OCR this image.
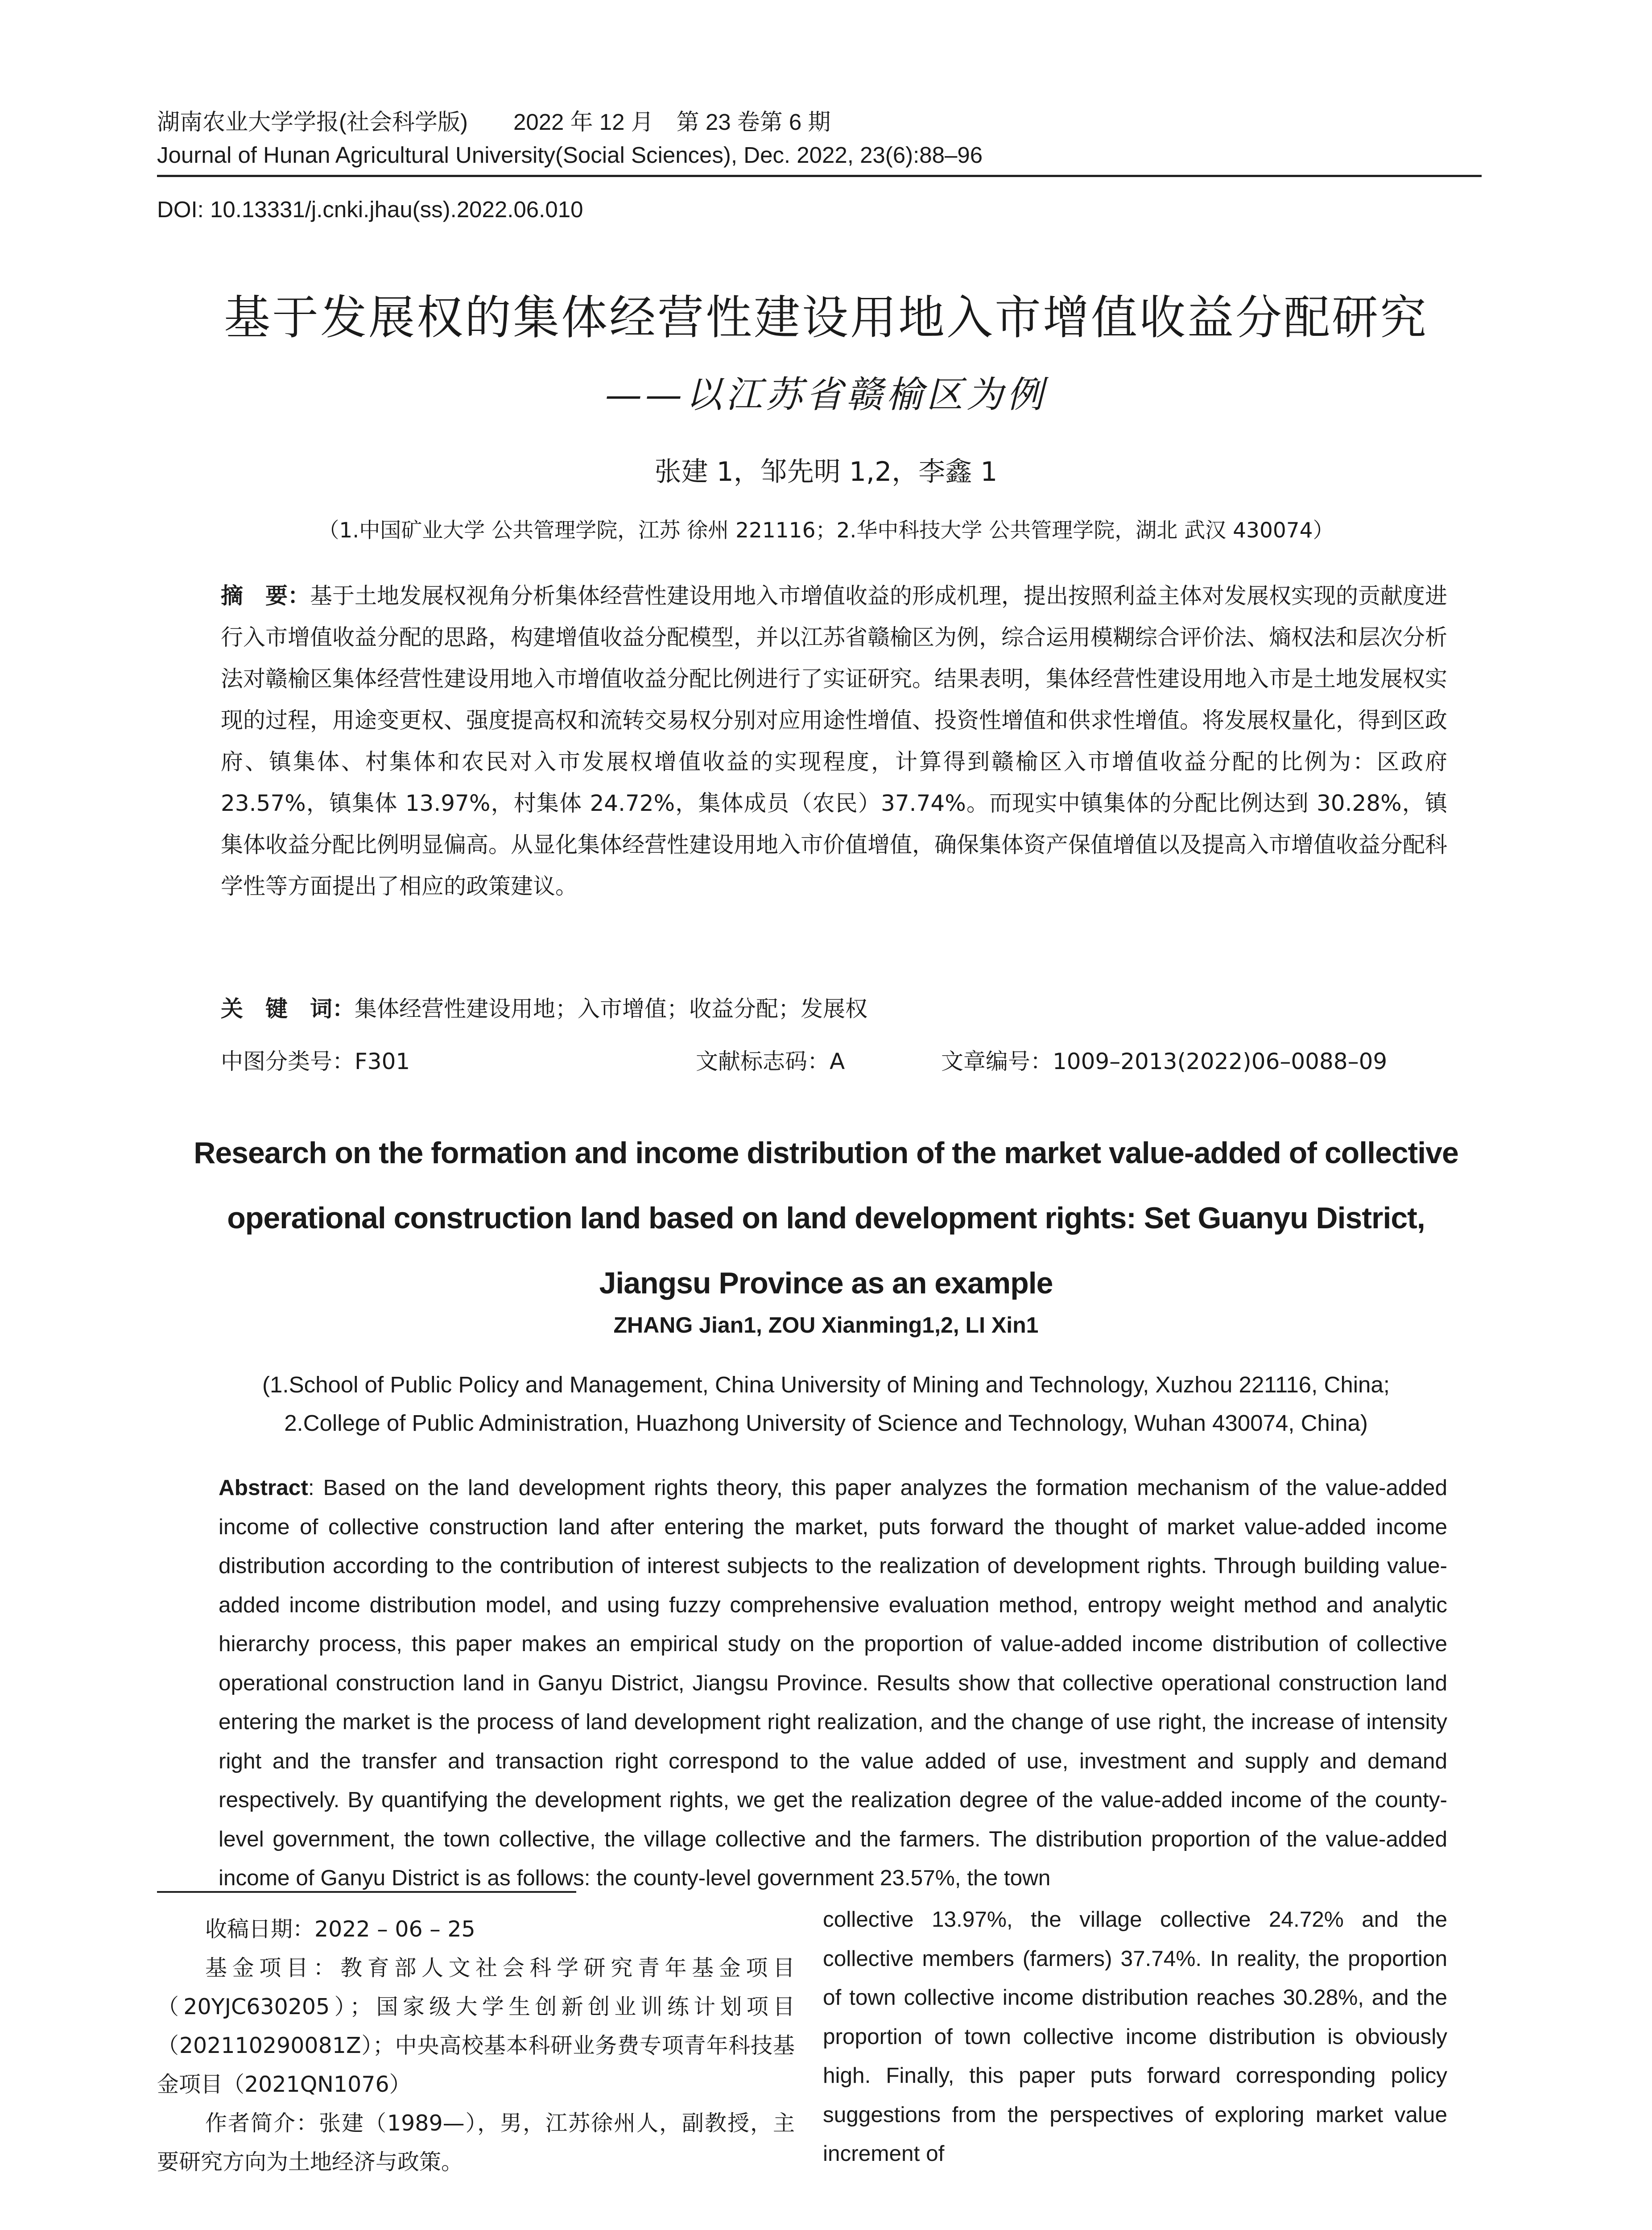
湖南农业大学学报(社会科学版)　　2022 年 12 月　第 23 卷第 6 期
Journal of Hunan Agricultural University(Social Sciences), Dec. 2022, 23(6):88–96
DOI: 10.13331/j.cnki.jhau(ss).2022.06.010
基于发展权的集体经营性建设用地入市增值收益分配研究
——以江苏省赣榆区为例
张建 1，邹先明 1,2，李鑫 1
（1.中国矿业大学 公共管理学院，江苏 徐州 221116；2.华中科技大学 公共管理学院，湖北 武汉 430074）
摘　要：基于土地发展权视角分析集体经营性建设用地入市增值收益的形成机理，提出按照利益主体对发展权实现的贡献度进行入市增值收益分配的思路，构建增值收益分配模型，并以江苏省赣榆区为例，综合运用模糊综合评价法、熵权法和层次分析法对赣榆区集体经营性建设用地入市增值收益分配比例进行了实证研究。结果表明，集体经营性建设用地入市是土地发展权实现的过程，用途变更权、强度提高权和流转交易权分别对应用途性增值、投资性增值和供求性增值。将发展权量化，得到区政府、镇集体、村集体和农民对入市发展权增值收益的实现程度，计算得到赣榆区入市增值收益分配的比例为：区政府 23.57%，镇集体 13.97%，村集体 24.72%，集体成员（农民）37.74%。而现实中镇集体的分配比例达到 30.28%，镇集体收益分配比例明显偏高。从显化集体经营性建设用地入市价值增值，确保集体资产保值增值以及提高入市增值收益分配科学性等方面提出了相应的政策建议。
关　键　词：集体经营性建设用地；入市增值；收益分配；发展权
中图分类号：F301	文献标志码：A	文章编号：1009–2013(2022)06–0088–09
Research on the formation and income distribution of the market value-added of collective operational construction land based on land development rights: Set Guanyu District, Jiangsu Province as an example
ZHANG Jian1, ZOU Xianming1,2, LI Xin1
(1.School of Public Policy and Management, China University of Mining and Technology, Xuzhou 221116, China;
2.College of Public Administration, Huazhong University of Science and Technology, Wuhan 430074, China)
Abstract: Based on the land development rights theory, this paper analyzes the formation mechanism of the value-added income of collective construction land after entering the market, puts forward the thought of market value-added income distribution according to the contribution of interest subjects to the realization of development rights. Through building value-added income distribution model, and using fuzzy comprehensive evaluation method, entropy weight method and analytic hierarchy process, this paper makes an empirical study on the proportion of value-added income distribution of collective operational construction land in Ganyu District, Jiangsu Province. Results show that collective operational construction land entering the market is the process of land development right realization, and the change of use right, the increase of intensity right and the transfer and transaction right correspond to the value added of use, investment and supply and demand respectively. By quantifying the development rights, we get the realization degree of the value-added income of the county-level government, the town collective, the village collective and the farmers. The distribution proportion of the value-added income of Ganyu District is as follows: the county-level government 23.57%, the town

收稿日期：2022 – 06 – 25

基金项目：教育部人文社会科学研究青年基金项目（20YJC630205）；国家级大学生创新创业训练计划项目（202110290081Z）；中央高校基本科研业务费专项青年科技基金项目（2021QN1076）

作者简介：张建（1989—），男，江苏徐州人，副教授，主要研究方向为土地经济与政策。

collective 13.97%, the village collective 24.72% and the collective members (farmers) 37.74%. In reality, the proportion of town collective income distribution reaches 30.28%, and the proportion of town collective income distribution is obviously high. Finally, this paper puts forward corresponding policy suggestions from the perspectives of exploring market value increment of
